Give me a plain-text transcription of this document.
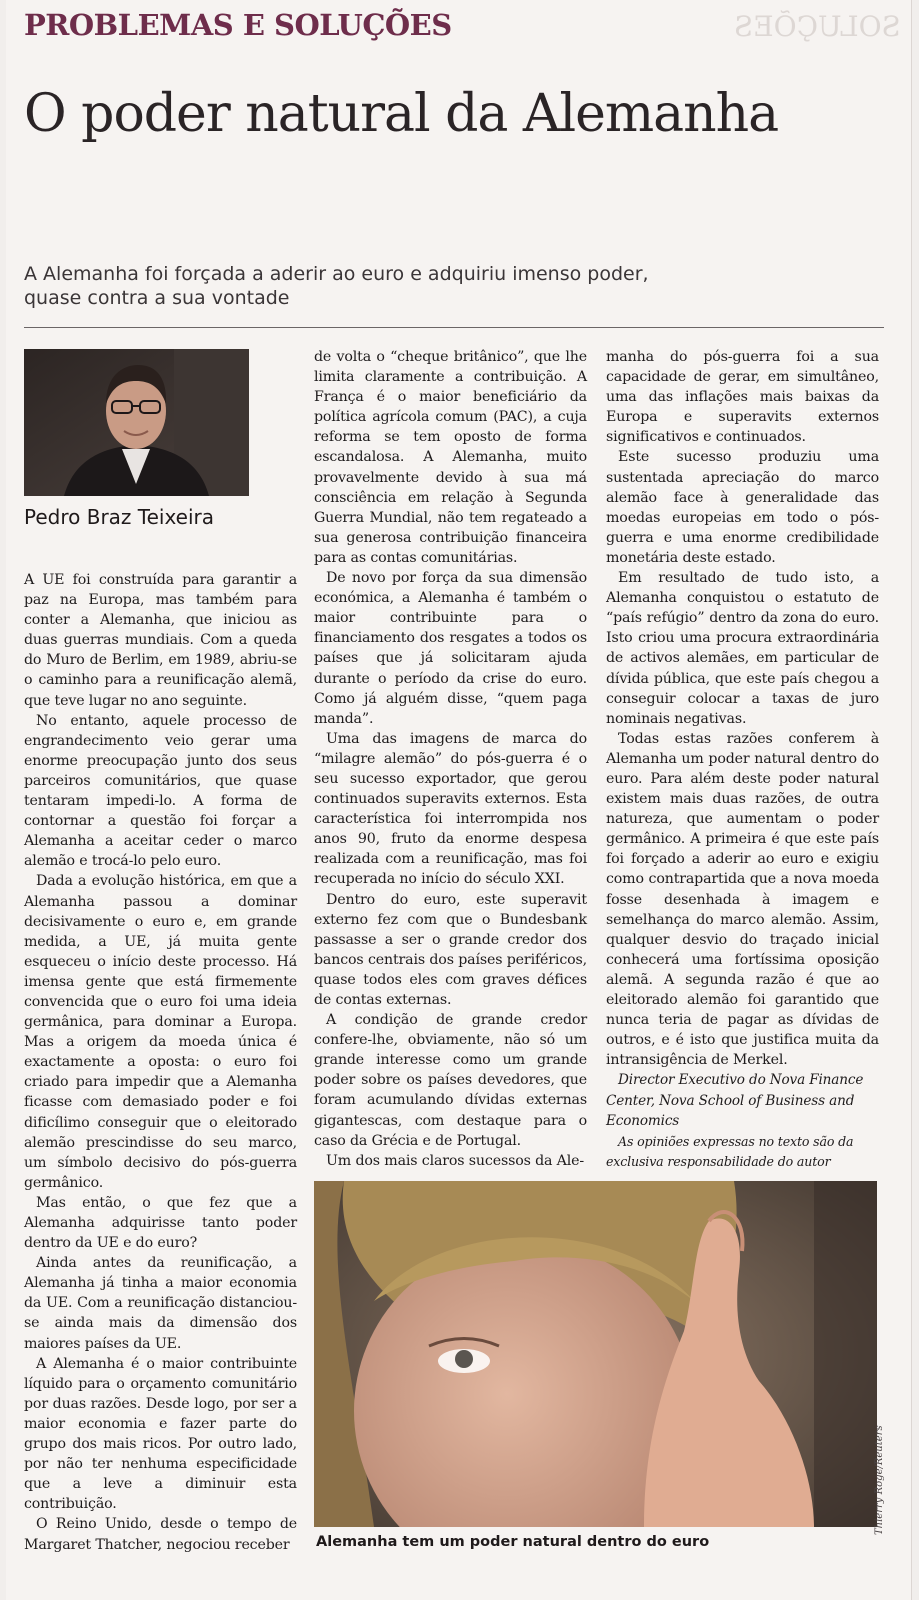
PROBLEMAS E SOLUÇÕES	SOLUÇÕES

O poder natural da Alemanha

A Alemanha foi forçada a aderir ao euro e adquiriu imenso poder,
quase contra a sua vontade

Pedro Braz Teixeira

A UE foi construída para garantir a paz na Europa, mas também para conter a Alemanha, que iniciou as duas guerras mundiais. Com a queda do Muro de Berlim, em 1989, abriu-se o caminho para a reunificação alemã, que teve lugar no ano seguinte.

No entanto, aquele processo de engrandecimento veio gerar uma enorme preocupação junto dos seus parceiros comunitários, que quase tentaram impedi-lo. A forma de contornar a questão foi forçar a Alemanha a aceitar ceder o marco alemão e trocá-lo pelo euro.

Dada a evolução histórica, em que a Alemanha passou a dominar decisivamente o euro e, em grande medida, a UE, já muita gente esqueceu o início deste processo. Há imensa gente que está firmemente convencida que o euro foi uma ideia germânica, para dominar a Europa. Mas a origem da moeda única é exactamente a oposta: o euro foi criado para impedir que a Alemanha ficasse com demasiado poder e foi dificílimo conseguir que o eleitorado alemão prescindisse do seu marco, um símbolo decisivo do pós-guerra germânico.

Mas então, o que fez que a Alemanha adquirisse tanto poder dentro da UE e do euro?

Ainda antes da reunificação, a Alemanha já tinha a maior economia da UE. Com a reunificação distanciou-se ainda mais da dimensão dos maiores países da UE.

A Alemanha é o maior contribuinte líquido para o orçamento comunitário por duas razões. Desde logo, por ser a maior economia e fazer parte do grupo dos mais ricos. Por outro lado, por não ter nenhuma especificidade que a leve a diminuir esta contribuição.

O Reino Unido, desde o tempo de Margaret Thatcher, negociou receber

de volta o “cheque britânico”, que lhe limita claramente a contribuição. A França é o maior beneficiário da política agrícola comum (PAC), a cuja reforma se tem oposto de forma escandalosa. A Alemanha, muito provavelmente devido à sua má consciência em relação à Segunda Guerra Mundial, não tem regateado a sua generosa contribuição financeira para as contas comunitárias.

De novo por força da sua dimensão económica, a Alemanha é também o maior contribuinte para o financiamento dos resgates a todos os países que já solicitaram ajuda durante o período da crise do euro. Como já alguém disse, “quem paga manda”.

Uma das imagens de marca do “milagre alemão” do pós-guerra é o seu sucesso exportador, que gerou continuados superavits externos. Esta característica foi interrompida nos anos 90, fruto da enorme despesa realizada com a reunificação, mas foi recuperada no início do século XXI.

Dentro do euro, este superavit externo fez com que o Bundesbank passasse a ser o grande credor dos bancos centrais dos países periféricos, quase todos eles com graves défices de contas externas.

A condição de grande credor confere-lhe, obviamente, não só um grande interesse como um grande poder sobre os países devedores, que foram acumulando dívidas externas gigantescas, com destaque para o caso da Grécia e de Portugal.

Um dos mais claros sucessos da Ale-

manha do pós-guerra foi a sua capacidade de gerar, em simultâneo, uma das inflações mais baixas da Europa e superavits externos significativos e continuados.

Este sucesso produziu uma sustentada apreciação do marco alemão face à generalidade das moedas europeias em todo o pós-guerra e uma enorme credibilidade monetária deste estado.

Em resultado de tudo isto, a Alemanha conquistou o estatuto de “país refúgio” dentro da zona do euro. Isto criou uma procura extraordinária de activos alemães, em particular de dívida pública, que este país chegou a conseguir colocar a taxas de juro nominais negativas.

Todas estas razões conferem à Alemanha um poder natural dentro do euro. Para além deste poder natural existem mais duas razões, de outra natureza, que aumentam o poder germânico. A primeira é que este país foi forçado a aderir ao euro e exigiu como contrapartida que a nova moeda fosse desenhada à imagem e semelhança do marco alemão. Assim, qualquer desvio do traçado inicial conhecerá uma fortíssima oposição alemã. A segunda razão é que ao eleitorado alemão foi garantido que nunca teria de pagar as dívidas de outros, e é isto que justifica muita da intransigência de Merkel.

Director Executivo do Nova Finance Center, Nova School of Business and Economics

As opiniões expressas no texto são da exclusiva responsabilidade do autor

Thierry Roge/Reuters

Alemanha tem um poder natural dentro do euro
